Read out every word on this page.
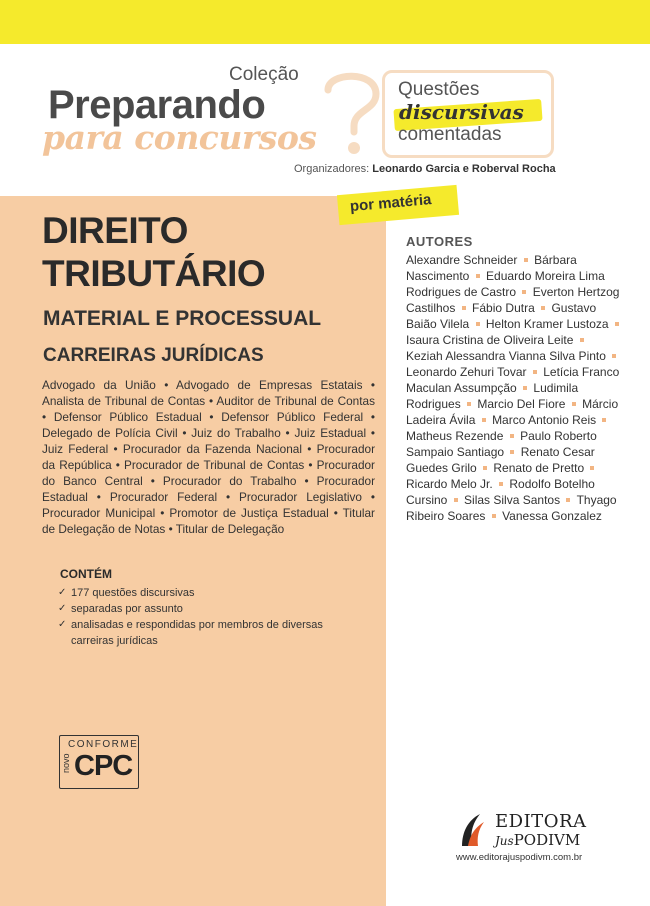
Coleção
Preparando
para concursos
Questões
discursivas
comentadas
Organizadores: Leonardo Garcia e Roberval Rocha
por matéria
DIREITO
TRIBUTÁRIO
MATERIAL E PROCESSUAL
CARREIRAS JURÍDICAS
Advogado da União • Advogado de Empresas Estatais • Analista de Tribunal de Contas • Auditor de Tribunal de Contas • Defensor Público Estadual • Defensor Público Federal • Delegado de Polícia Civil • Juiz do Trabalho • Juiz Estadual • Juiz Federal • Procurador da Fazenda Nacional • Procurador da República • Procurador de Tribunal de Contas • Procurador do Banco Central • Procurador do Trabalho • Procurador Estadual • Procurador Federal • Procurador Legislativo • Procurador Municipal • Promotor de Justiça Estadual • Titular de Delegação de Notas • Titular de Delegação
CONTÉM
✓ 177 questões discursivas
✓ separadas por assunto
✓ analisadas e respondidas por membros de diversas carreiras jurídicas
CONFORME
novo CPC
AUTORES
Alexandre Schneider Bárbara Nascimento Eduardo Moreira Lima Rodrigues de Castro Everton Hertzog Castilhos Fábio Dutra Gustavo Baião Vilela Helton Kramer Lustoza  Isaura Cristina de Oliveira Leite  Keziah Alessandra Vianna Silva Pinto  Leonardo Zehuri Tovar Letícia Franco Maculan Assumpção Ludimila Rodrigues Marcio Del Fiore Márcio Ladeira Ávila Marco Antonio Reis  Matheus Rezende Paulo Roberto Sampaio Santiago Renato Cesar Guedes Grilo Renato de Pretto  Ricardo Melo Jr. Rodolfo Botelho Cursino Silas Silva Santos Thyago Ribeiro Soares Vanessa Gonzalez
EDITORA
JusPODIVM
www.editorajuspodivm.com.br
